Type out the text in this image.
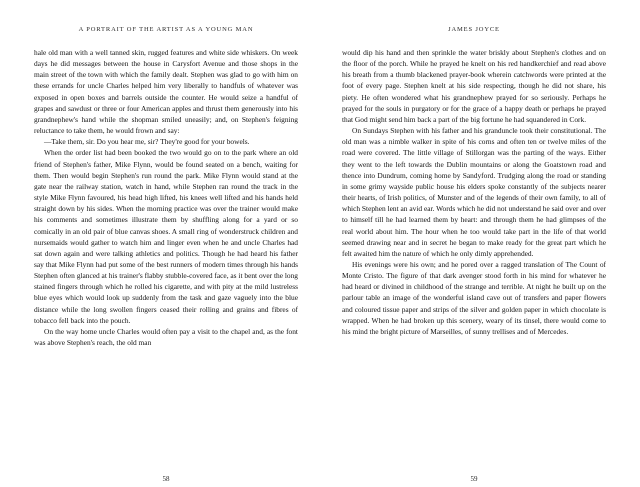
A PORTRAIT OF THE ARTIST AS A YOUNG MAN

hale old man with a well tanned skin, rugged features and white side whiskers. On week days he did messages between the house in Carysfort Avenue and those shops in the main street of the town with which the family dealt. Stephen was glad to go with him on these errands for uncle Charles helped him very liberally to handfuls of whatever was exposed in open boxes and barrels outside the counter. He would seize a handful of grapes and sawdust or three or four American apples and thrust them generously into his grandnephew's hand while the shopman smiled uneasily; and, on Stephen's feigning reluctance to take them, he would frown and say:

—Take them, sir. Do you hear me, sir? They're good for your bowels.

When the order list had been booked the two would go on to the park where an old friend of Stephen's father, Mike Flynn, would be found seated on a bench, waiting for them. Then would begin Stephen's run round the park. Mike Flynn would stand at the gate near the railway station, watch in hand, while Stephen ran round the track in the style Mike Flynn favoured, his head high lifted, his knees well lifted and his hands held straight down by his sides. When the morning practice was over the trainer would make his comments and sometimes illustrate them by shuffling along for a yard or so comically in an old pair of blue canvas shoes. A small ring of wonderstruck children and nursemaids would gather to watch him and linger even when he and uncle Charles had sat down again and were talking athletics and politics. Though he had heard his father say that Mike Flynn had put some of the best runners of modern times through his hands Stephen often glanced at his trainer's flabby stubble-covered face, as it bent over the long stained fingers through which he rolled his cigarette, and with pity at the mild lustreless blue eyes which would look up suddenly from the task and gaze vaguely into the blue distance while the long swollen fingers ceased their rolling and grains and fibres of tobacco fell back into the pouch.

On the way home uncle Charles would often pay a visit to the chapel and, as the font was above Stephen's reach, the old man

58
JAMES JOYCE

would dip his hand and then sprinkle the water briskly about Stephen's clothes and on the floor of the porch. While he prayed he knelt on his red handkerchief and read above his breath from a thumb blackened prayer-book wherein catchwords were printed at the foot of every page. Stephen knelt at his side respecting, though he did not share, his piety. He often wondered what his grandnephew prayed for so seriously. Perhaps he prayed for the souls in purgatory or for the grace of a happy death or perhaps he prayed that God might send him back a part of the big fortune he had squandered in Cork.

On Sundays Stephen with his father and his granduncle took their constitutional. The old man was a nimble walker in spite of his corns and often ten or twelve miles of the road were covered. The little village of Stillorgan was the parting of the ways. Either they went to the left towards the Dublin mountains or along the Goatstown road and thence into Dundrum, coming home by Sandyford. Trudging along the road or standing in some grimy wayside public house his elders spoke constantly of the subjects nearer their hearts, of Irish politics, of Munster and of the legends of their own family, to all of which Stephen lent an avid ear. Words which he did not understand he said over and over to himself till he had learned them by heart: and through them he had glimpses of the real world about him. The hour when he too would take part in the life of that world seemed drawing near and in secret he began to make ready for the great part which he felt awaited him the nature of which he only dimly apprehended.

His evenings were his own; and he pored over a ragged translation of The Count of Monte Cristo. The figure of that dark avenger stood forth in his mind for whatever he had heard or divined in childhood of the strange and terrible. At night he built up on the parlour table an image of the wonderful island cave out of transfers and paper flowers and coloured tissue paper and strips of the silver and golden paper in which chocolate is wrapped. When he had broken up this scenery, weary of its tinsel, there would come to his mind the bright picture of Marseilles, of sunny trellises and of Mercedes.

59
